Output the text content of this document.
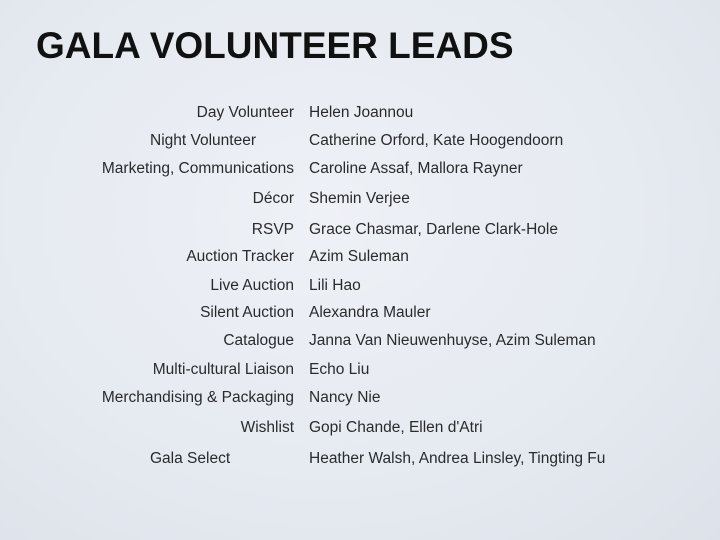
GALA VOLUNTEER LEADS
Day Volunteer Helen Joannou
Night Volunteer	Catherine Orford, Kate Hoogendoorn
Marketing, Communications Caroline Assaf, Mallora Rayner
Décor Shemin Verjee
RSVP Grace Chasmar, Darlene Clark-Hole
Auction Tracker Azim Suleman
Live Auction Lili Hao
Silent Auction Alexandra Mauler
Catalogue Janna Van Nieuwenhuyse, Azim Suleman
Multi-cultural Liaison Echo Liu
Merchandising & Packaging Nancy Nie
Wishlist Gopi Chande, Ellen d'Atri
Gala Select	Heather Walsh, Andrea Linsley, Tingting Fu
